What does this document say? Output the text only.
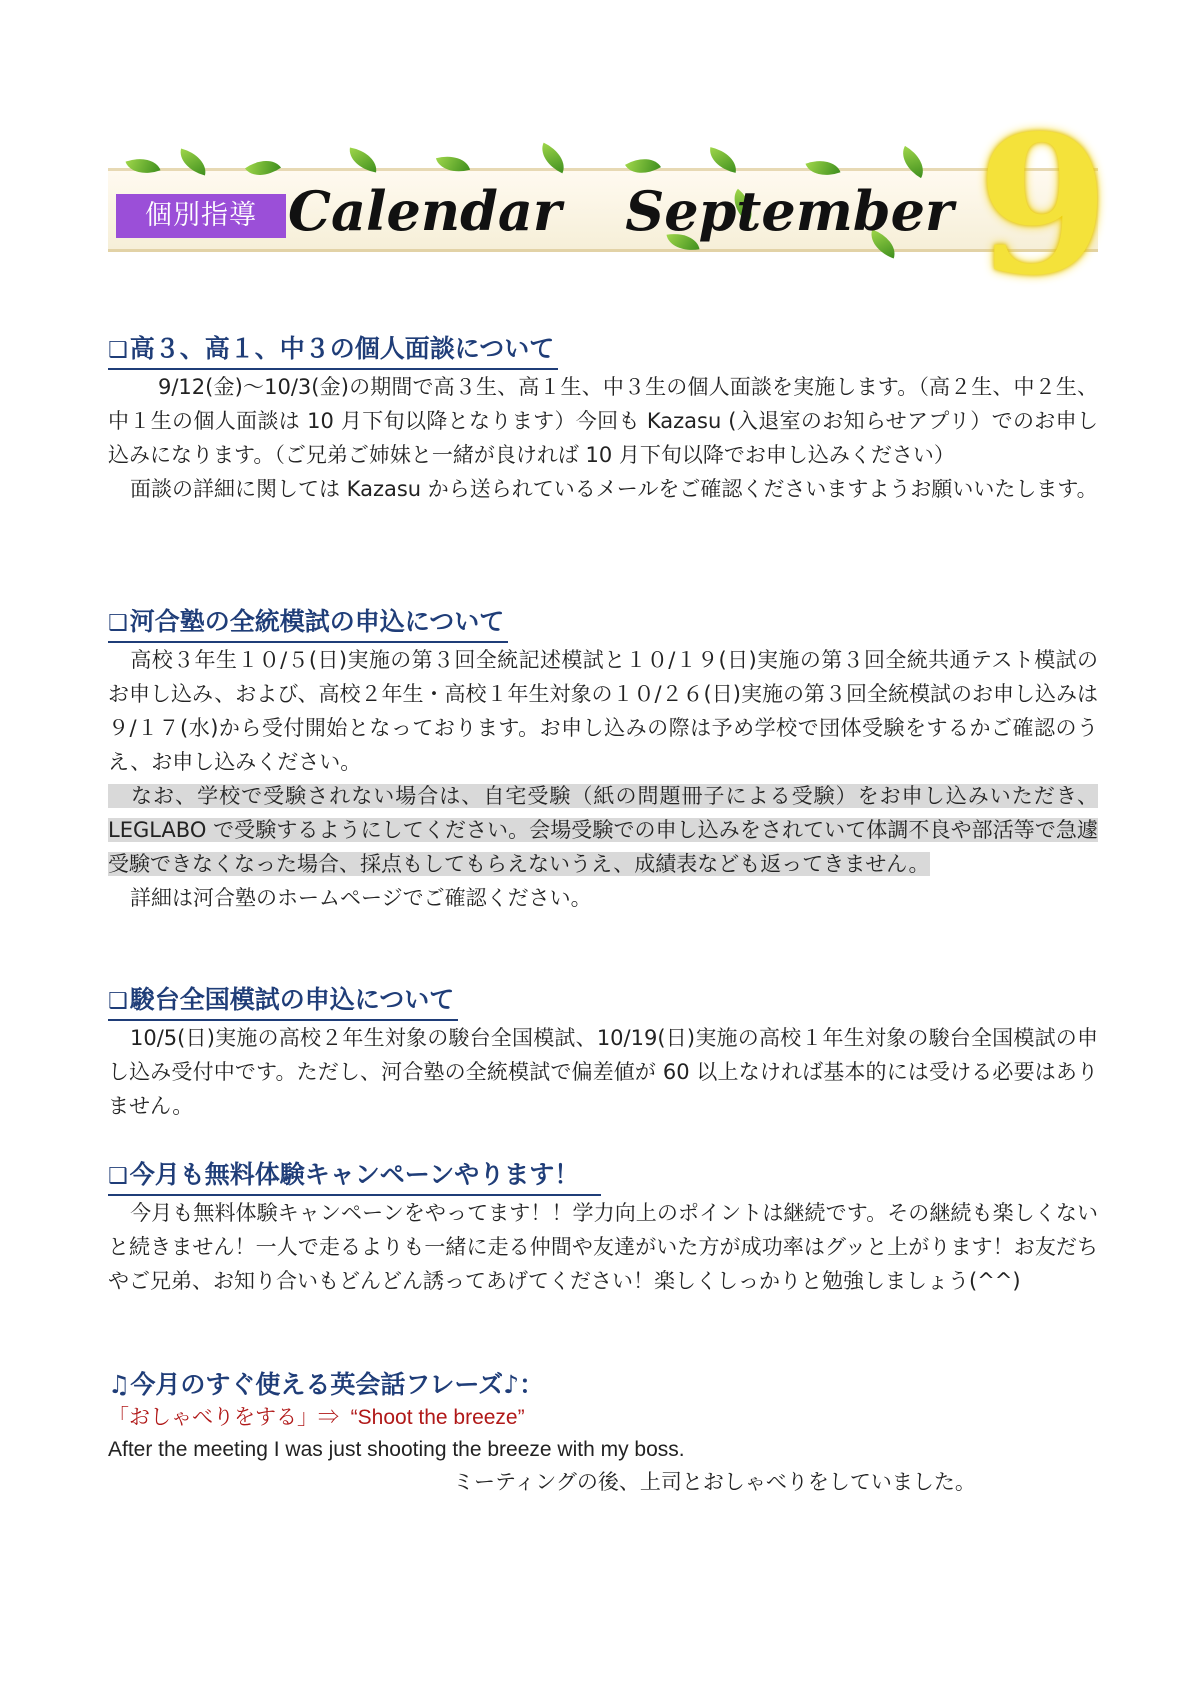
個別指導 Calendar September 9
❑高３、高１、中３の個人面談について

9/12(金)～10/3(金)の期間で高３生、高１生、中３生の個人面談を実施します。（高２生、中２生、中１生の個人面談は 10 月下旬以降となります）今回も Kazasu (入退室のお知らせアプリ）でのお申し込みになります。（ご兄弟ご姉妹と一緒が良ければ 10 月下旬以降でお申し込みください）

面談の詳細に関しては Kazasu から送られているメールをご確認くださいますようお願いいたします。

❑河合塾の全統模試の申込について

高校３年生１０/５(日)実施の第３回全統記述模試と１０/１９(日)実施の第３回全統共通テスト模試のお申し込み、および、高校２年生・高校１年生対象の１０/２６(日)実施の第３回全統模試のお申し込みは９/１７(水)から受付開始となっております。お申し込みの際は予め学校で団体受験をするかご確認のうえ、お申し込みください。

なお、学校で受験されない場合は、自宅受験（紙の問題冊子による受験）をお申し込みいただき、LEGLABO で受験するようにしてください。会場受験での申し込みをされていて体調不良や部活等で急遽受験できなくなった場合、採点もしてもらえないうえ、成績表なども返ってきません。

詳細は河合塾のホームページでご確認ください。

❑駿台全国模試の申込について

10/5(日)実施の高校２年生対象の駿台全国模試、10/19(日)実施の高校１年生対象の駿台全国模試の申し込み受付中です。ただし、河合塾の全統模試で偏差値が 60 以上なければ基本的には受ける必要はありません。

❑今月も無料体験キャンペーンやります！

今月も無料体験キャンペーンをやってます！！学力向上のポイントは継続です。その継続も楽しくないと続きません！一人で走るよりも一緒に走る仲間や友達がいた方が成功率はグッと上がります！お友だちやご兄弟、お知り合いもどんどん誘ってあげてください！楽しくしっかりと勉強しましょう(^^)

♫今月のすぐ使える英会話フレーズ♪：
「おしゃべりをする」⇒ “Shoot the breeze”
After the meeting I was just shooting the breeze with my boss.
ミーティングの後、上司とおしゃべりをしていました。
